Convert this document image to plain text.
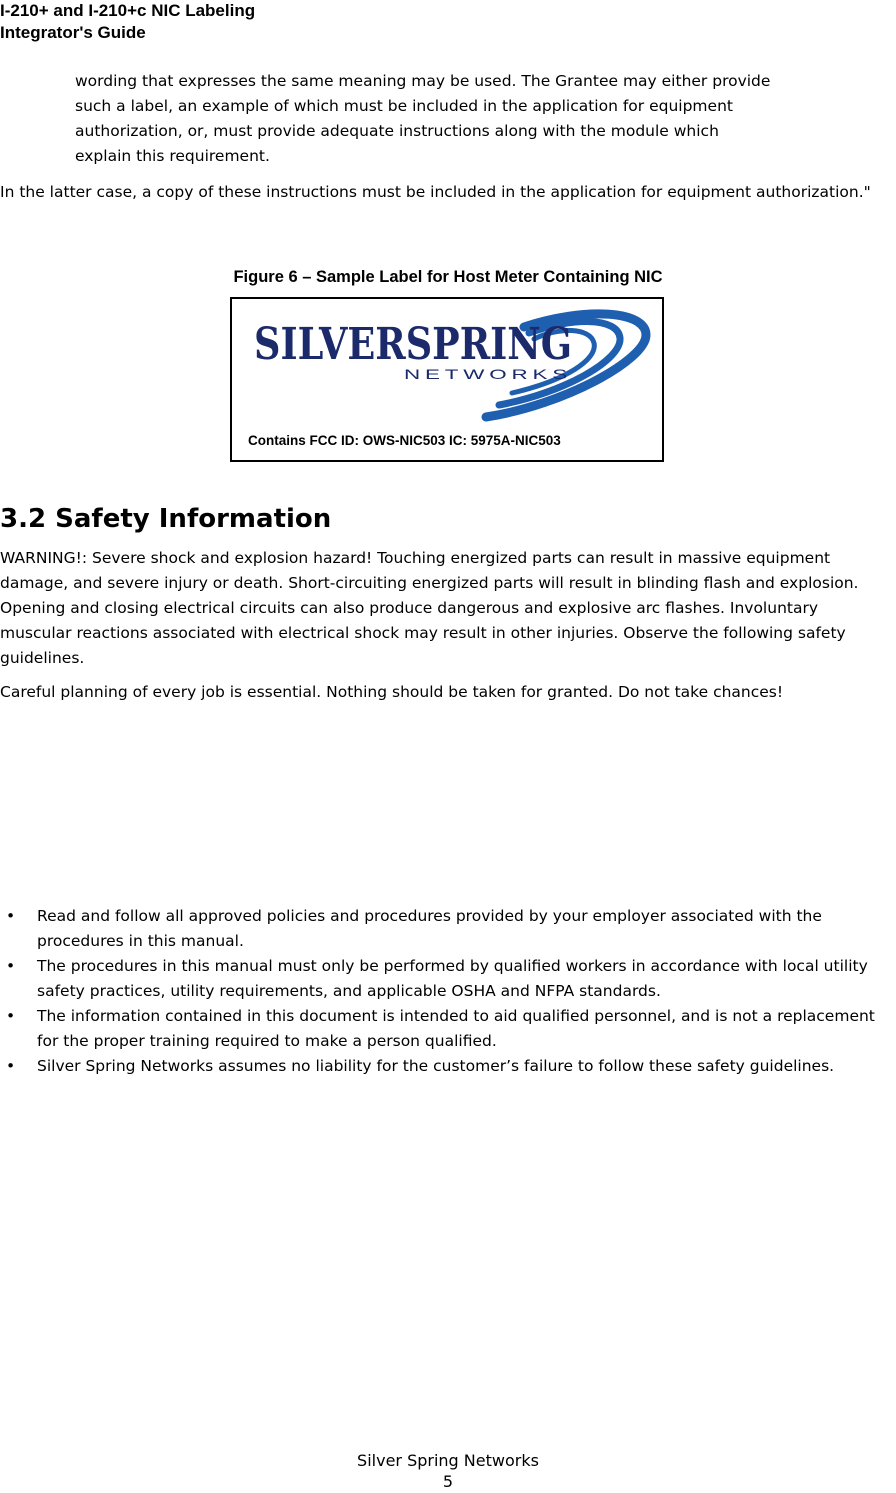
I-210+ and I-210+c NIC Labeling
Integrator's Guide
wording that expresses the same meaning may be used. The Grantee may either provide such a label, an example of which must be included in the application for equipment authorization, or, must provide adequate instructions along with the module which explain this requirement.
In the latter case, a copy of these instructions must be included in the application for equipment authorization."
Figure 6 – Sample Label for Host Meter Containing NIC
SILVERSPRING
NETWORKS
Contains FCC ID: OWS-NIC503 IC: 5975A-NIC503
3.2 Safety Information
WARNING!: Severe shock and explosion hazard! Touching energized parts can result in massive equipment damage, and severe injury or death. Short-circuiting energized parts will result in blinding flash and explosion. Opening and closing electrical circuits can also produce dangerous and explosive arc flashes. Involuntary muscular reactions associated with electrical shock may result in other injuries. Observe the following safety guidelines.
Careful planning of every job is essential. Nothing should be taken for granted. Do not take chances!
• Read and follow all approved policies and procedures provided by your employer associated with the procedures in this manual.
• The procedures in this manual must only be performed by qualified workers in accordance with local utility safety practices, utility requirements, and applicable OSHA and NFPA standards.
• The information contained in this document is intended to aid qualified personnel, and is not a replacement for the proper training required to make a person qualified.
• Silver Spring Networks assumes no liability for the customer’s failure to follow these safety guidelines.
Silver Spring Networks
5
